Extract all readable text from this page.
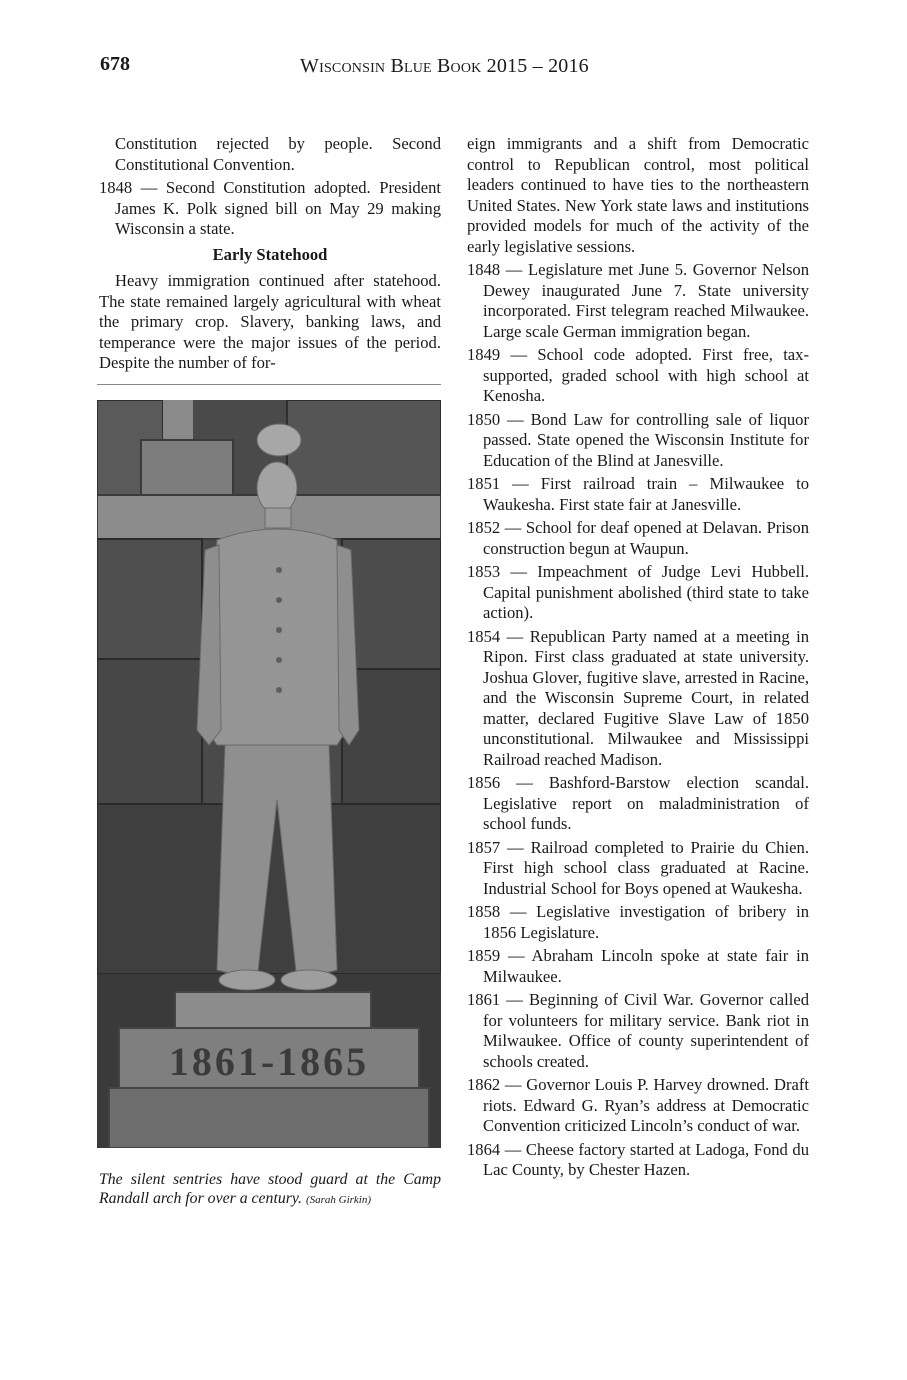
678	Wisconsin Blue Book 2015 – 2016

Constitution rejected by people. Second Constitutional Convention.

1848 — Second Constitution adopted. President James K. Polk signed bill on May 29 making Wisconsin a state.

Early Statehood

Heavy immigration continued after statehood. The state remained largely agricultural with wheat the primary crop. Slavery, banking laws, and temperance were the major issues of the period. Despite the number of for-

1861-1865
The silent sentries have stood guard at the Camp Randall arch for over a century. (Sarah Girkin)

eign immigrants and a shift from Democratic control to Republican control, most political leaders continued to have ties to the northeastern United States. New York state laws and institutions provided models for much of the activity of the early legislative sessions.

1848 — Legislature met June 5. Governor Nelson Dewey inaugurated June 7. State university incorporated. First telegram reached Milwaukee. Large scale German immigration began.

1849 — School code adopted. First free, tax-supported, graded school with high school at Kenosha.

1850 — Bond Law for controlling sale of liquor passed. State opened the Wisconsin Institute for Education of the Blind at Janesville.

1851 — First railroad train – Milwaukee to Waukesha. First state fair at Janesville.

1852 — School for deaf opened at Delavan. Prison construction begun at Waupun.

1853 — Impeachment of Judge Levi Hubbell. Capital punishment abolished (third state to take action).

1854 — Republican Party named at a meeting in Ripon. First class graduated at state university. Joshua Glover, fugitive slave, arrested in Racine, and the Wisconsin Supreme Court, in related matter, declared Fugitive Slave Law of 1850 unconstitutional. Milwaukee and Mississippi Railroad reached Madison.

1856 — Bashford-Barstow election scandal. Legislative report on maladministration of school funds.

1857 — Railroad completed to Prairie du Chien. First high school class graduated at Racine. Industrial School for Boys opened at Waukesha.

1858 — Legislative investigation of bribery in 1856 Legislature.

1859 — Abraham Lincoln spoke at state fair in Milwaukee.

1861 — Beginning of Civil War. Governor called for volunteers for military service. Bank riot in Milwaukee. Office of county superintendent of schools created.

1862 — Governor Louis P. Harvey drowned. Draft riots. Edward G. Ryan’s address at Democratic Convention criticized Lincoln’s conduct of war.

1864 — Cheese factory started at Ladoga, Fond du Lac County, by Chester Hazen.
